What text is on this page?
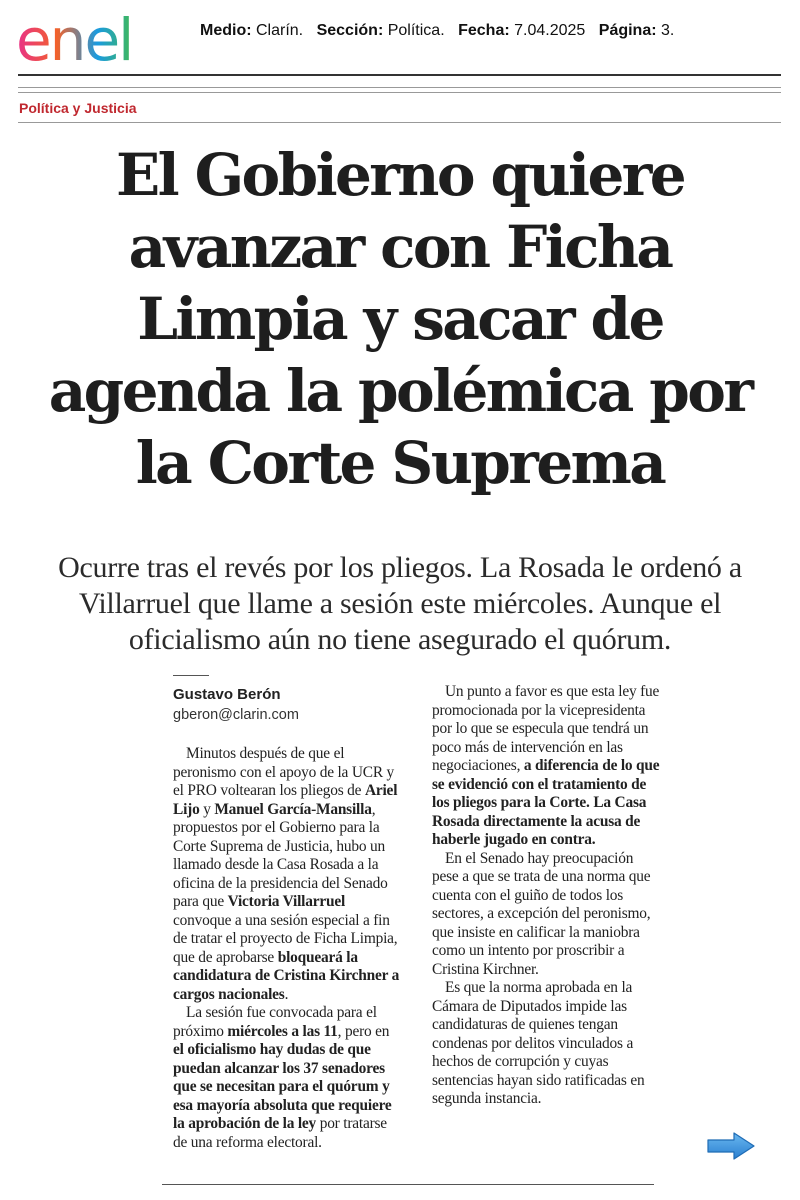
enel	Medio: Clarín. Sección: Política. Fecha: 7.04.2025 Página: 3.
Política y Justicia
El Gobierno quiere avanzar con Ficha Limpia y sacar de agenda la polémica por la Corte Suprema

Ocurre tras el revés por los pliegos. La Rosada le ordenó a Villarruel que llame a sesión este miércoles. Aunque el oficialismo aún no tiene asegurado el quórum.

Gustavo Berón
gberon@clarin.com

Minutos después de que el peronismo con el apoyo de la UCR y el PRO voltearan los pliegos de Ariel Lijo y Manuel García-Mansilla, propuestos por el Gobierno para la Corte Suprema de Justicia, hubo un llamado desde la Casa Rosada a la oficina de la presidencia del Senado para que Victoria Villarruel convoque a una sesión especial a fin de tratar el proyecto de Ficha Limpia, que de aprobarse bloqueará la candidatura de Cristina Kirchner a cargos nacionales.

La sesión fue convocada para el próximo miércoles a las 11, pero en el oficialismo hay dudas de que puedan alcanzar los 37 senadores que se necesitan para el quórum y esa mayoría absoluta que requiere la aprobación de la ley por tratarse de una reforma electoral.

Un punto a favor es que esta ley fue promocionada por la vicepresidenta por lo que se especula que tendrá un poco más de intervención en las negociaciones, a diferencia de lo que se evidenció con el tratamiento de los pliegos para la Corte. La Casa Rosada directamente la acusa de haberle jugado en contra.

En el Senado hay preocupación pese a que se trata de una norma que cuenta con el guiño de todos los sectores, a excepción del peronismo, que insiste en calificar la maniobra como un intento por proscribir a Cristina Kirchner.

Es que la norma aprobada en la Cámara de Diputados impide las candidaturas de quienes tengan condenas por delitos vinculados a hechos de corrupción y cuyas sentencias hayan sido ratificadas en segunda instancia.
